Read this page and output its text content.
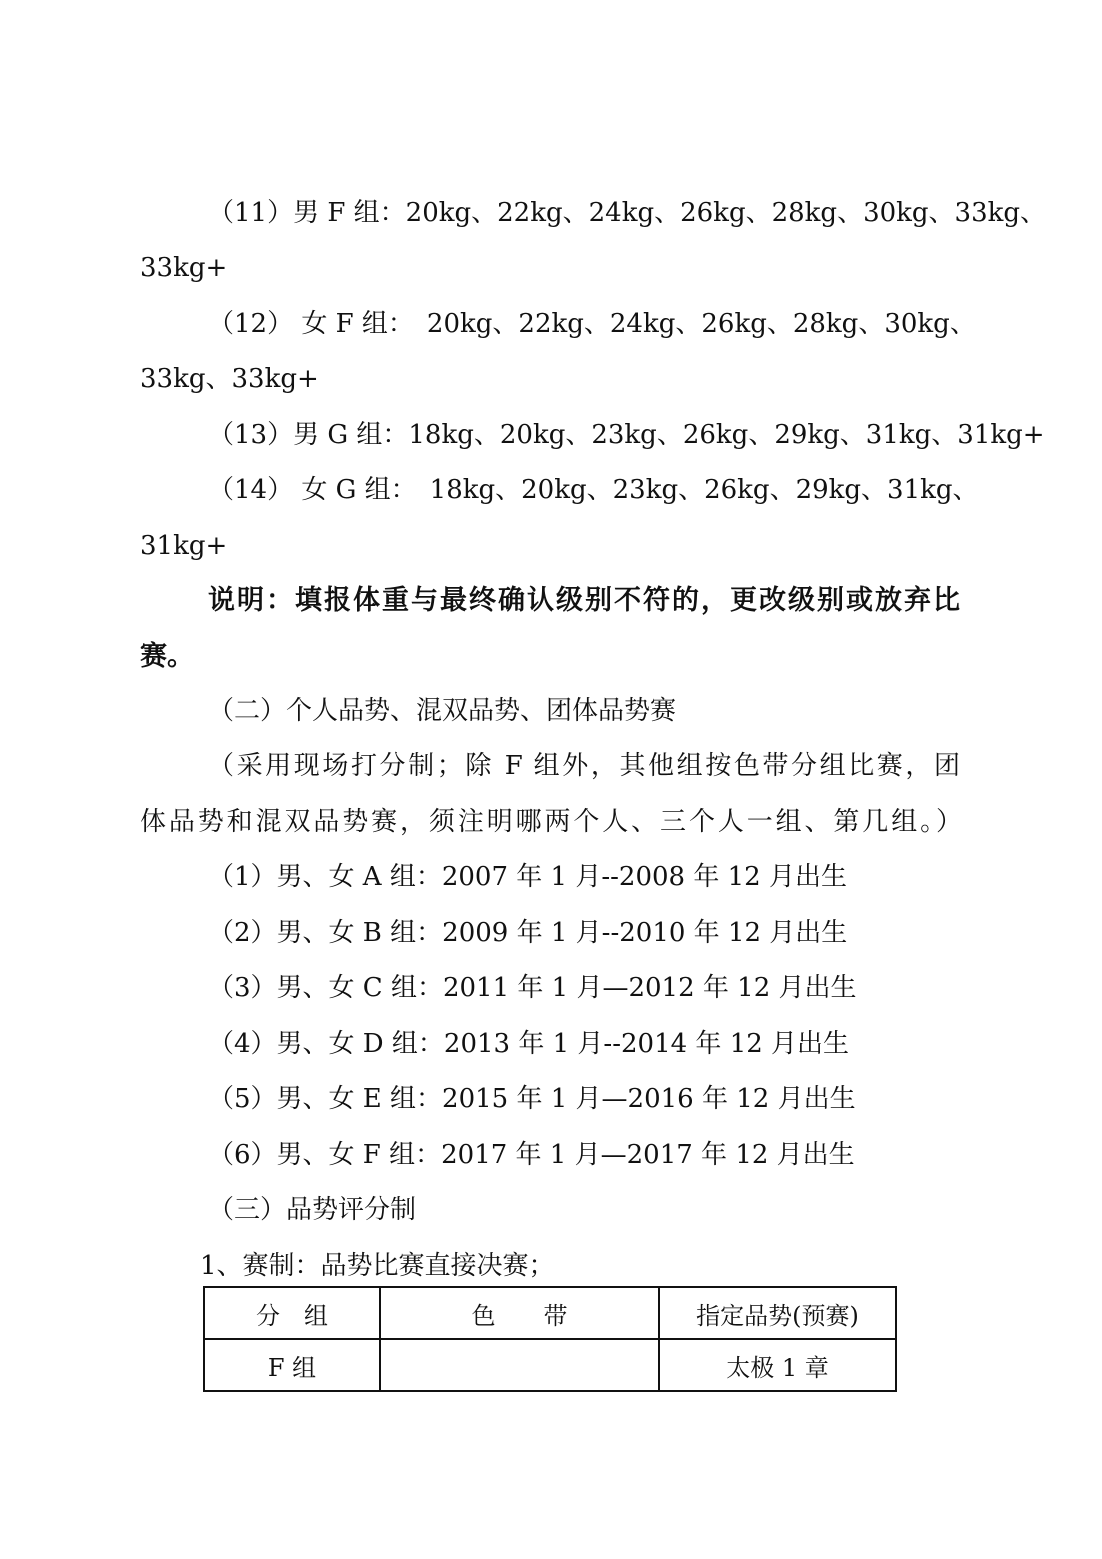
（11）男 F 组：20kg、22kg、24kg、26kg、28kg、30kg、33kg、
33kg+
（12） 女 F 组：　20kg、22kg、24kg、26kg、28kg、30kg、
33kg、33kg+
（13）男 G 组：18kg、20kg、23kg、26kg、29kg、31kg、31kg+
（14） 女 G 组：　18kg、20kg、23kg、26kg、29kg、31kg、
31kg+
说明：填报体重与最终确认级别不符的，更改级别或放弃比
赛。
（二）个人品势、混双品势、团体品势赛
（采用现场打分制；除 F 组外，其他组按色带分组比赛，团
体品势和混双品势赛，须注明哪两个人、三个人一组、第几组。）
（1）男、女 A 组：2007 年 1 月--2008 年 12 月出生
（2）男、女 B 组：2009 年 1 月--2010 年 12 月出生
（3）男、女 C 组：2011 年 1 月—2012 年 12 月出生
（4）男、女 D 组：2013 年 1 月--2014 年 12 月出生
（5）男、女 E 组：2015 年 1 月—2016 年 12 月出生
（6）男、女 F 组：2017 年 1 月—2017 年 12 月出生
（三）品势评分制
1、赛制：品势比赛直接决赛；
分　组	色　　带	指定品势(预赛)
F 组		太极 1 章
